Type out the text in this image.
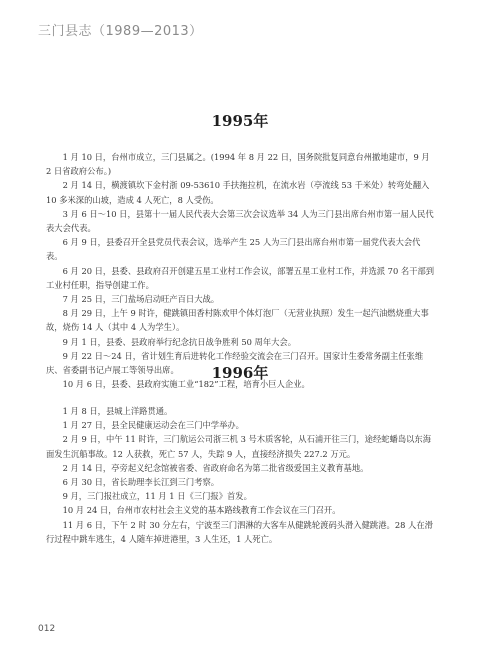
三门县志（1989—2013）
1995年

1 月 10 日，台州市成立，三门县属之。(1994 年 8 月 22 日，国务院批复同意台州撤地建市，9 月 2 日省政府公布。)

2 月 14 日，横渡镇坎下金村浙 09-53610 手扶拖拉机，在流水岩（亭流线 53 千米处）转弯处翻入 10 多米深的山坡，造成 4 人死亡，8 人受伤。

3 月 6 日～10 日，县第十一届人民代表大会第三次会议选举 34 人为三门县出席台州市第一届人民代表大会代表。

6 月 9 日，县委召开全县党员代表会议，选举产生 25 人为三门县出席台州市第一届党代表大会代表。

6 月 20 日，县委、县政府召开创建五星工业村工作会议，部署五星工业村工作，并选派 70 名干部到工业村任职，指导创建工作。

7 月 25 日，三门盐场启动旺产百日大战。

8 月 29 日，上午 9 时许，健跳镇田香村陈欢甲个体灯泡厂（无营业执照）发生一起汽油燃烧重大事故，烧伤 14 人（其中 4 人为学生）。

9 月 1 日，县委、县政府举行纪念抗日战争胜利 50 周年大会。

9 月 22 日～24 日，省计划生育后进转化工作经验交流会在三门召开。国家计生委常务副主任张维庆、省委副书记卢展工等领导出席。

10 月 6 日，县委、县政府实施工业“182”工程，培育小巨人企业。

1996年

1 月 8 日，县城上洋路贯通。

1 月 27 日，县全民健康运动会在三门中学举办。

2 月 9 日，中午 11 时许，三门航运公司浙三机 3 号木质客轮，从石浦开往三门，途经蛇蟠岛以东海面发生沉船事故。12 人获救，死亡 57 人，失踪 9 人，直接经济损失 227.2 万元。

2 月 14 日，亭旁起义纪念馆被省委、省政府命名为第二批省级爱国主义教育基地。

6 月 30 日，省长助理李长江到三门考察。

9 月，三门报社成立，11 月 1 日《三门报》首发。

10 月 24 日，台州市农村社会主义党的基本路线教育工作会议在三门召开。

11 月 6 日，下午 2 时 30 分左右，宁波至三门泗淋的大客车从健跳轮渡码头滑入健跳港。28 人在滑行过程中跳车逃生，4 人随车掉进港里，3 人生还，1 人死亡。

012
